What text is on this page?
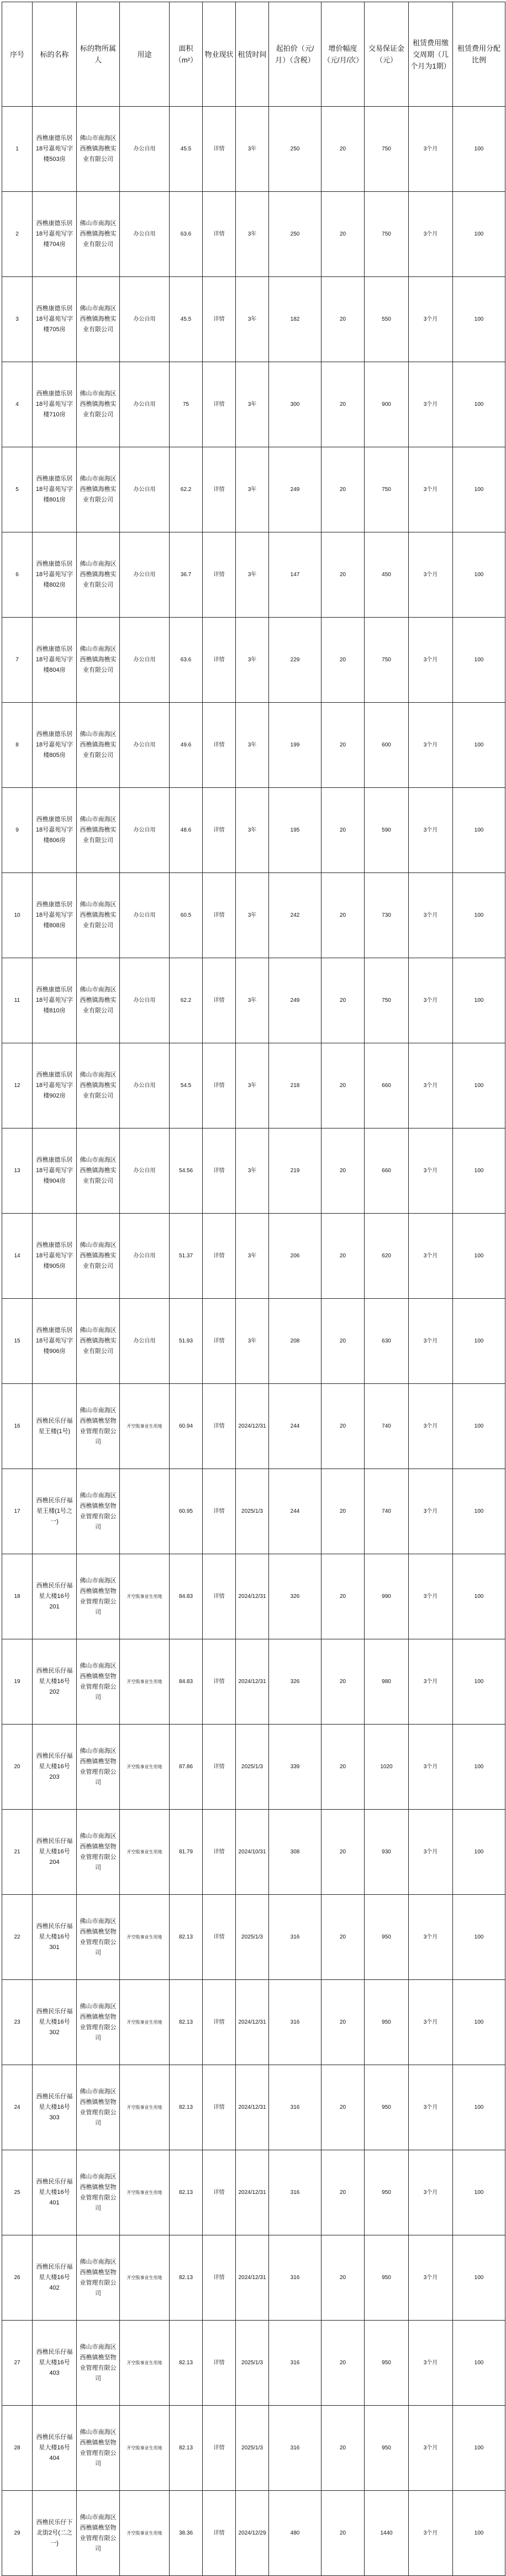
序号	标的名称	标的物所属人	用途	面积（m²）	物业现状	租赁时间	起拍价（元/月）（含税）	增价幅度（元/月/次）	交易保证金（元）	租赁费用缴交周期（几个月为1期）	租赁费用分配比例
1	西樵康德乐居18号嘉苑写字楼503房	佛山市南海区西樵镇海樵实业有限公司	办公自用	45.5	详情	3年	250	20	750	3个月	100
2	西樵康德乐居18号嘉苑写字楼704房	佛山市南海区西樵镇海樵实业有限公司	办公自用	63.6	详情	3年	250	20	750	3个月	100
3	西樵康德乐居18号嘉苑写字楼705房	佛山市南海区西樵镇海樵实业有限公司	办公自用	45.5	详情	3年	182	20	550	3个月	100
4	西樵康德乐居18号嘉苑写字楼710房	佛山市南海区西樵镇海樵实业有限公司	办公自用	75	详情	3年	300	20	900	3个月	100
5	西樵康德乐居18号嘉苑写字楼801房	佛山市南海区西樵镇海樵实业有限公司	办公自用	62.2	详情	3年	249	20	750	3个月	100
6	西樵康德乐居18号嘉苑写字楼802房	佛山市南海区西樵镇海樵实业有限公司	办公自用	36.7	详情	3年	147	20	450	3个月	100
7	西樵康德乐居18号嘉苑写字楼804房	佛山市南海区西樵镇海樵实业有限公司	办公自用	63.6	详情	3年	229	20	750	3个月	100
8	西樵康德乐居18号嘉苑写字楼805房	佛山市南海区西樵镇海樵实业有限公司	办公自用	49.6	详情	3年	199	20	600	3个月	100
9	西樵康德乐居18号嘉苑写字楼806房	佛山市南海区西樵镇海樵实业有限公司	办公自用	48.6	详情	3年	195	20	590	3个月	100
10	西樵康德乐居18号嘉苑写字楼808房	佛山市南海区西樵镇海樵实业有限公司	办公自用	60.5	详情	3年	242	20	730	3个月	100
11	西樵康德乐居18号嘉苑写字楼810房	佛山市南海区西樵镇海樵实业有限公司	办公自用	62.2	详情	3年	249	20	750	3个月	100
12	西樵康德乐居18号嘉苑写字楼902房	佛山市南海区西樵镇海樵实业有限公司	办公自用	54.5	详情	3年	218	20	660	3个月	100
13	西樵康德乐居18号嘉苑写字楼904房	佛山市南海区西樵镇海樵实业有限公司	办公自用	54.56	详情	3年	219	20	660	3个月	100
14	西樵康德乐居18号嘉苑写字楼905房	佛山市南海区西樵镇海樵实业有限公司	办公自用	51.37	详情	3年	206	20	620	3个月	100
15	西樵康德乐居18号嘉苑写字楼906房	佛山市南海区西樵镇海樵实业有限公司	办公自用	51.93	详情	3年	208	20	630	3个月	100
16	西樵民乐仔福星王楼(1号)	佛山市南海区西樵镇樵坚物业管理有限公司	开空股事业生用地	60.94	详情	2024/12/31	244	20	740	3个月	100
17	西樵民乐仔福星王楼(1号之一)	佛山市南海区西樵镇樵坚物业管理有限公司		60.95	详情	2025/1/3	244	20	740	3个月	100
18	西樵民乐仔福星大楼16号201	佛山市南海区西樵镇樵坚物业管理有限公司	开空股事业生用地	84.83	详情	2024/12/31	326	20	990	3个月	100
19	西樵民乐仔福星大楼16号202	佛山市南海区西樵镇樵坚物业管理有限公司	开空股事业生用地	84.83	详情	2024/12/31	326	20	980	3个月	100
20	西樵民乐仔福星大楼16号203	佛山市南海区西樵镇樵坚物业管理有限公司	开空股事业生用地	87.86	详情	2025/1/3	339	20	1020	3个月	100
21	西樵民乐仔福星大楼16号204	佛山市南海区西樵镇樵坚物业管理有限公司	开空股事业生用地	81.79	详情	2024/10/31	308	20	930	3个月	100
22	西樵民乐仔福星大楼16号301	佛山市南海区西樵镇樵坚物业管理有限公司	开空股事业生用地	82.13	详情	2025/1/3	316	20	950	3个月	100
23	西樵民乐仔福星大楼16号302	佛山市南海区西樵镇樵坚物业管理有限公司	开空股事业生用地	82.13	详情	2024/12/31	316	20	950	3个月	100
24	西樵民乐仔福星大楼16号303	佛山市南海区西樵镇樵坚物业管理有限公司	开空股事业生用地	82.13	详情	2024/12/31	316	20	950	3个月	100
25	西樵民乐仔福星大楼16号401	佛山市南海区西樵镇樵坚物业管理有限公司	开空股事业生用地	82.13	详情	2024/12/31	316	20	950	3个月	100
26	西樵民乐仔福星大楼16号402	佛山市南海区西樵镇樵坚物业管理有限公司	开空股事业生用地	82.13	详情	2024/12/31	316	20	950	3个月	100
27	西樵民乐仔福星大楼16号403	佛山市南海区西樵镇樵坚物业管理有限公司	开空股事业生用地	82.13	详情	2025/1/3	316	20	950	3个月	100
28	西樵民乐仔福星大楼16号404	佛山市南海区西樵镇樵坚物业管理有限公司	开空股事业生用地	82.13	详情	2025/1/3	316	20	950	3个月	100
29	西樵民乐仔下北街2号(二之一)	佛山市南海区西樵镇樵坚物业管理有限公司	开空股事业生用地	38.36	详情	2024/12/29	480	20	1440	3个月	100
